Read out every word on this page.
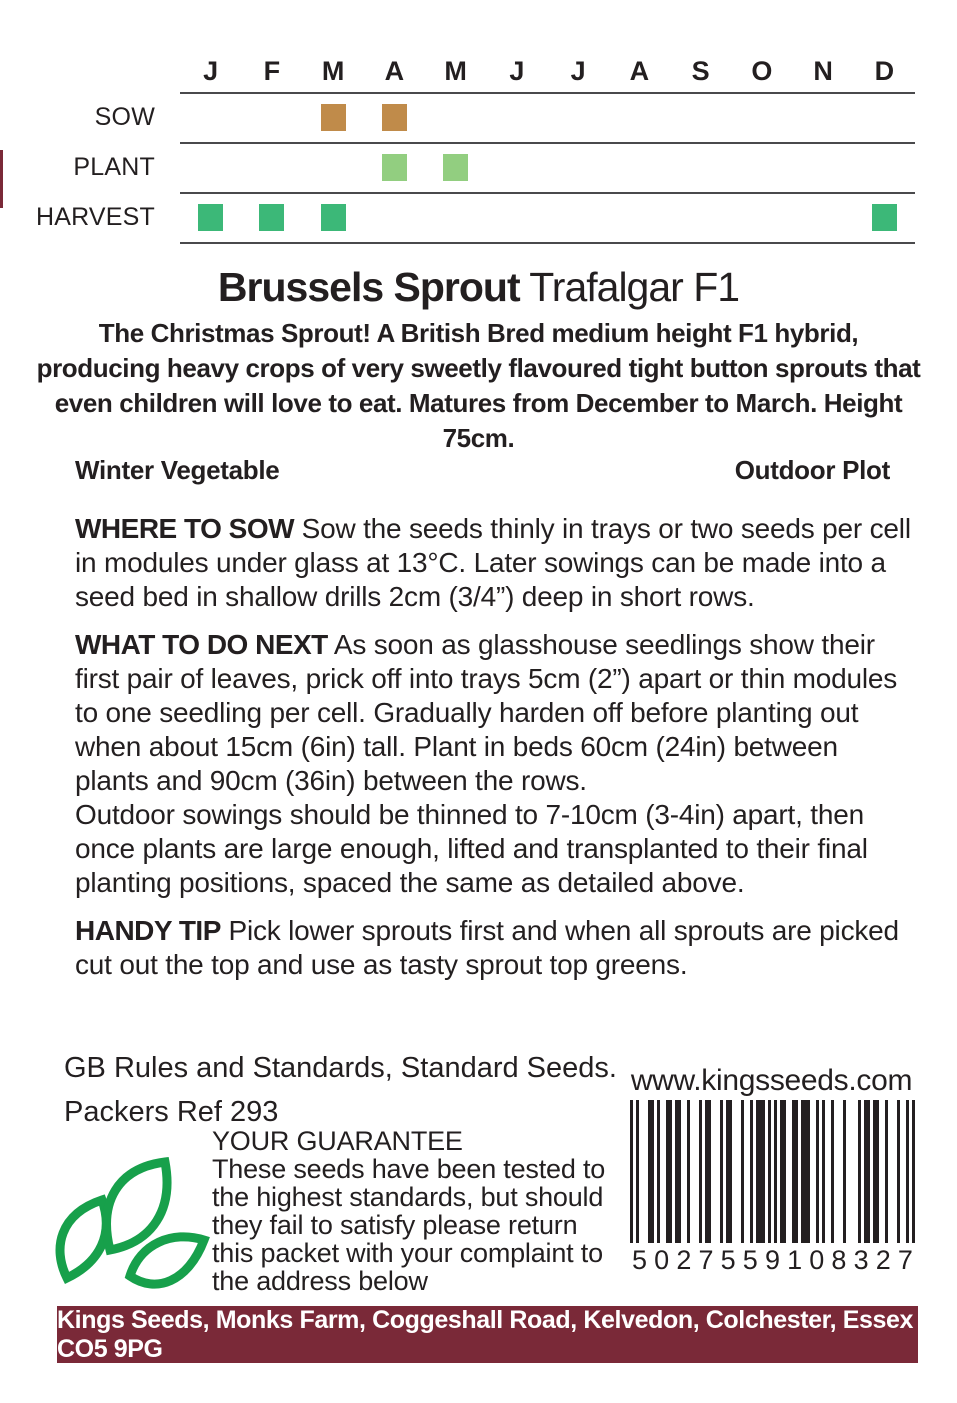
J	F	M	A	M	J	J	A	S	O	N	D
SOW
PLANT
HARVEST
Brussels Sprout Trafalgar F1
The Christmas Sprout! A British Bred medium height F1 hybrid, producing heavy crops of very sweetly flavoured tight button sprouts that even children will love to eat. Matures from December to March. Height 75cm.
Winter Vegetable	Outdoor Plot

WHERE TO SOW Sow the seeds thinly in trays or two seeds per cell in modules under glass at 13°C. Later sowings can be made into a seed bed in shallow drills 2cm (3/4”) deep in short rows.

WHAT TO DO NEXT As soon as glasshouse seedlings show their first pair of leaves, prick off into trays 5cm (2”) apart or thin modules to one seedling per cell. Gradually harden off before planting out when about 15cm (6in) tall. Plant in beds 60cm (24in) between plants and 90cm (36in) between the rows.
Outdoor sowings should be thinned to 7-10cm (3-4in) apart, then once plants are large enough, lifted and transplanted to their final planting positions, spaced the same as detailed above.

HANDY TIP Pick lower sprouts first and when all sprouts are picked cut out the top and use as tasty sprout top greens.

GB Rules and Standards, Standard Seeds.
Packers Ref 293
www.kingsseeds.com
5 0 2 7 5 5 9 1 0 8 3 2 7
YOUR GUARANTEE
These seeds have been tested to the highest standards, but should they fail to satisfy please return this packet with your complaint to the address below
Kings Seeds, Monks Farm, Coggeshall Road, Kelvedon, Colchester, Essex CO5 9PG
